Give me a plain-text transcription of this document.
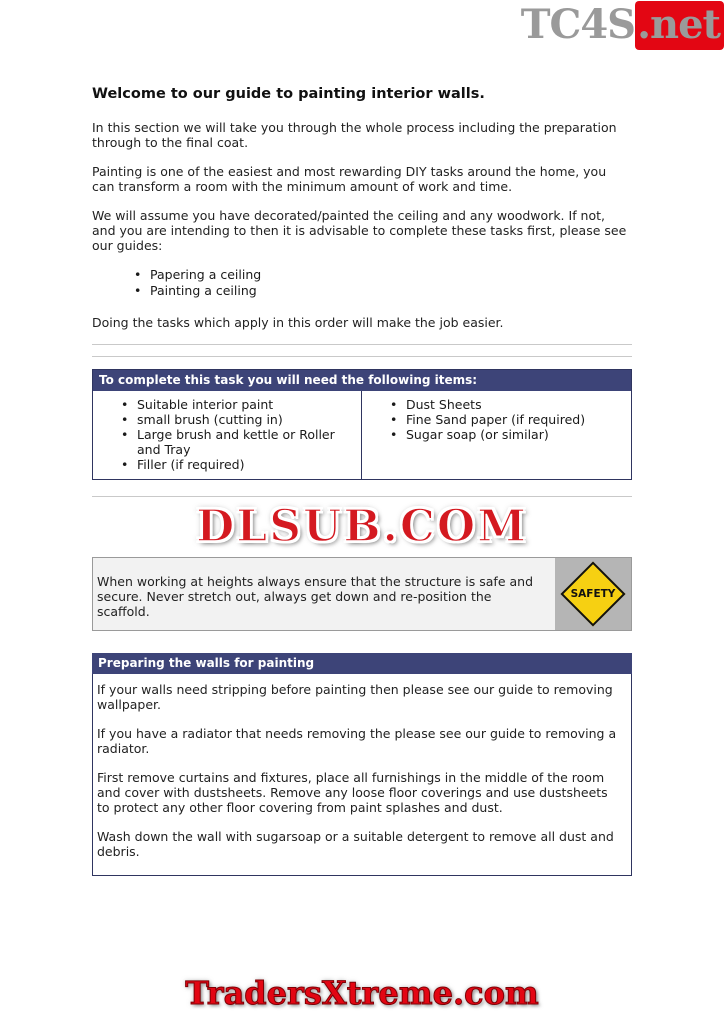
TC4S.net
Welcome to our guide to painting interior walls.

In this section we will take you through the whole process including the preparation through to the final coat.

Painting is one of the easiest and most rewarding DIY tasks around the home, you can transform a room with the minimum amount of work and time.

We will assume you have decorated/painted the ceiling and any woodwork. If not, and you are intending to then it is advisable to complete these tasks first, please see our guides:

• Papering a ceiling
• Painting a ceiling

Doing the tasks which apply in this order will make the job easier.

To complete this task you will need the following items:
• Suitable interior paint
• small brush (cutting in)
• Large brush and kettle or Roller and Tray
• Filler (if required)
• Dust Sheets
• Fine Sand paper (if required)
• Sugar soap (or similar)
DLSUB.COM

When working at heights always ensure that the structure is safe and secure. Never stretch out, always get down and re-position the scaffold.

SAFETY
Preparing the walls for painting

If your walls need stripping before painting then please see our guide to removing wallpaper.

If you have a radiator that needs removing the please see our guide to removing a radiator.

First remove curtains and fixtures, place all furnishings in the middle of the room and cover with dustsheets. Remove any loose floor coverings and use dustsheets to protect any other floor covering from paint splashes and dust.

Wash down the wall with sugarsoap or a suitable detergent to remove all dust and debris.

TradersXtreme.com
